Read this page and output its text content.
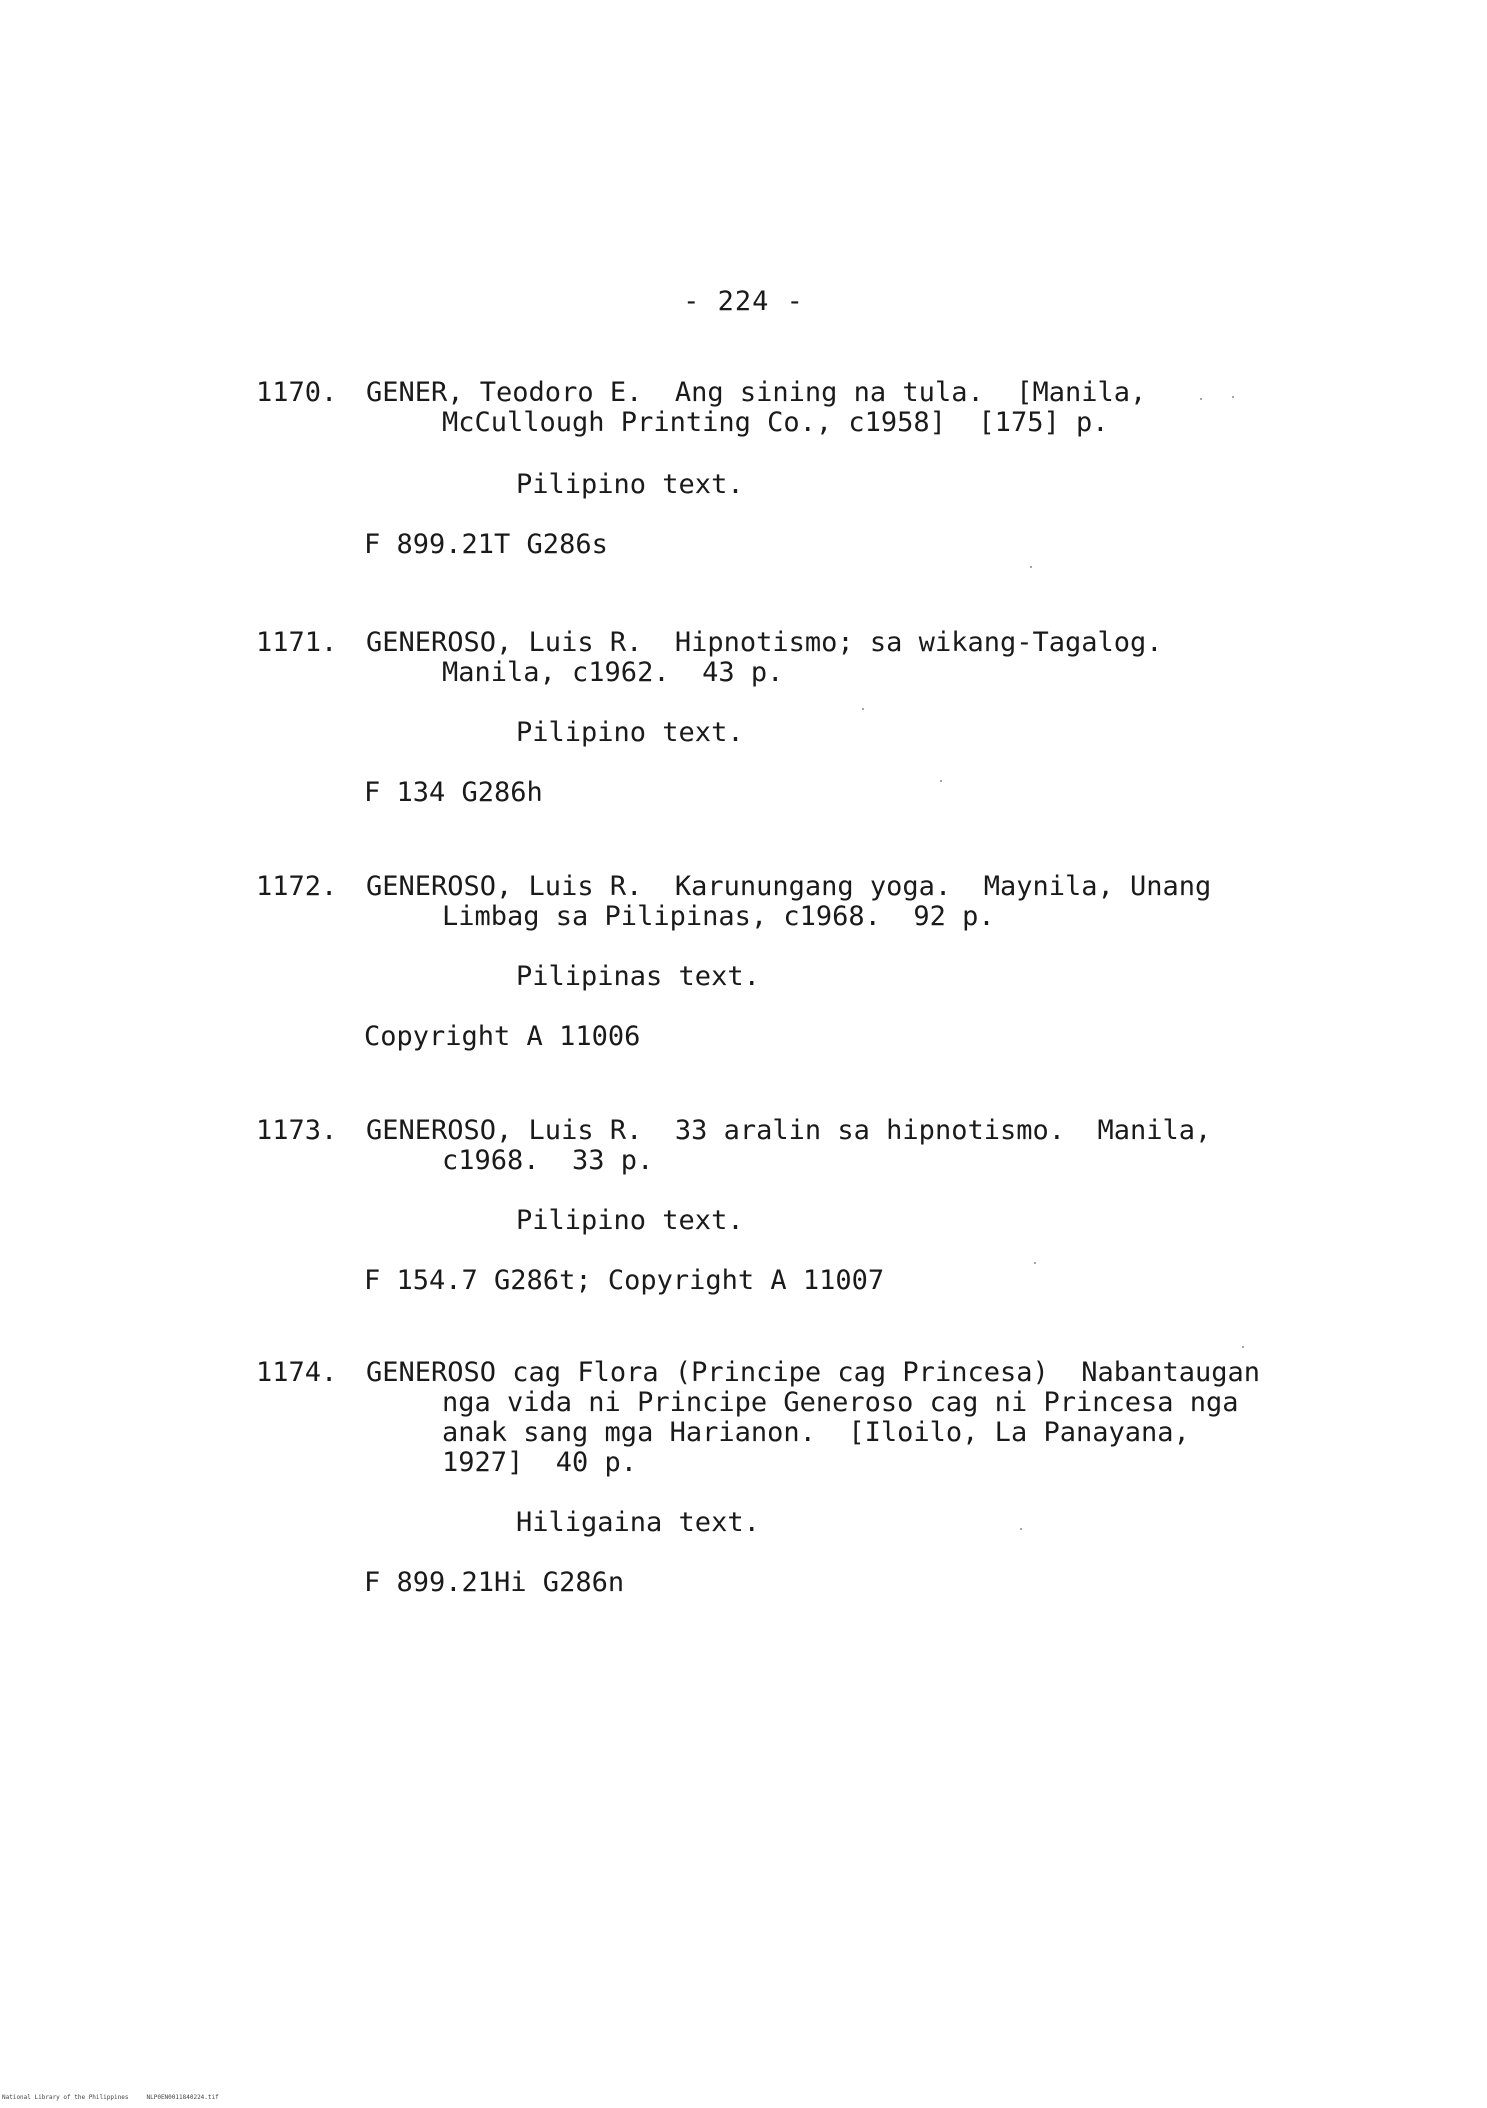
- 224 -
1170. GENER, Teodoro E.  Ang sining na tula.  [Manila,
McCullough Printing Co., c1958]  [175] p.
Pilipino text.
F 899.21T G286s
1171. GENEROSO, Luis R.  Hipnotismo; sa wikang-Tagalog.
Manila, c1962.  43 p.
Pilipino text.
F 134 G286h
1172. GENEROSO, Luis R.  Karunungang yoga.  Maynila, Unang
Limbag sa Pilipinas, c1968.  92 p.
Pilipinas text.
Copyright A 11006
1173. GENEROSO, Luis R.  33 aralin sa hipnotismo.  Manila,
c1968.  33 p.
Pilipino text.
F 154.7 G286t; Copyright A 11007
1174. GENEROSO cag Flora (Principe cag Princesa)  Nabantaugan
nga vida ni Principe Generoso cag ni Princesa nga
anak sang mga Harianon.  [Iloilo, La Panayana,
1927]  40 p.
Hiligaina text.
F 899.21Hi G286n
National Library of the Philippines     NLP0EN0011840224.tif
